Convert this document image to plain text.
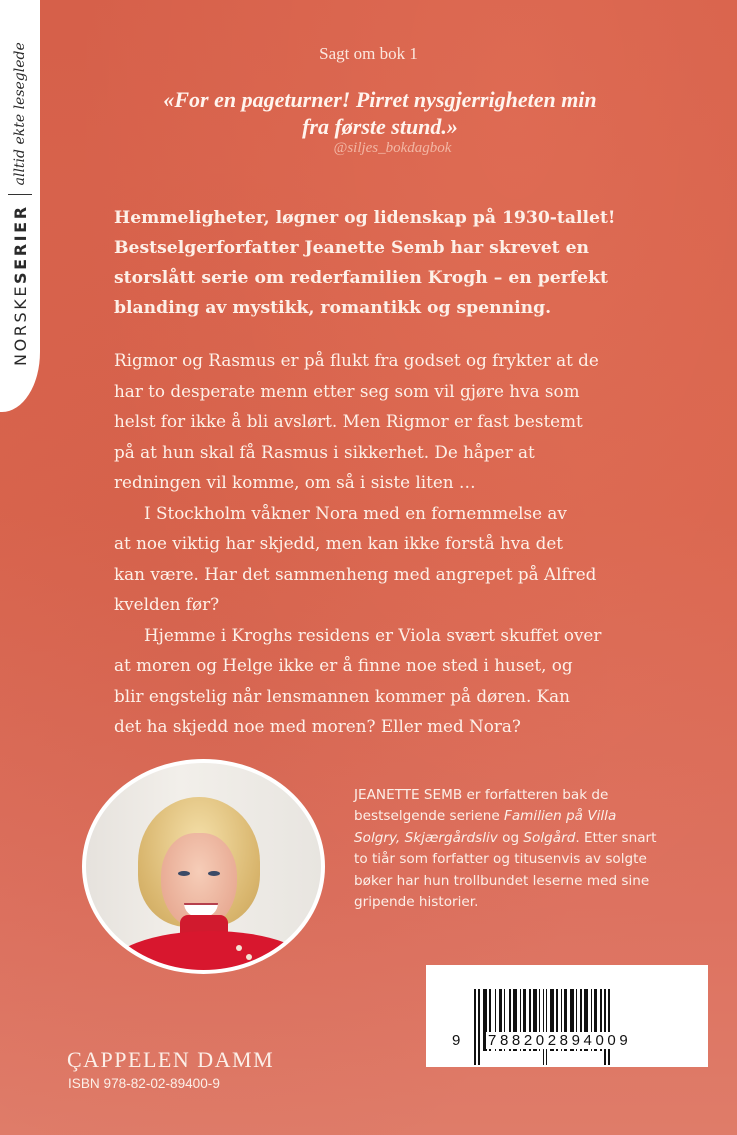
NORSKESERIER
alltid ekte leseglede	Sagt om bok 1
«For en pageturner! Pirret nysgjerrigheten min
fra første stund.»
@siljes_bokdagbok
Hemmeligheter, løgner og lidenskap på 1930-tallet!
Bestselgerforfatter Jeanette Semb har skrevet en
storslått serie om rederfamilien Krogh – en perfekt
blanding av mystikk, romantikk og spenning.
Rigmor og Rasmus er på flukt fra godset og frykter at de
har to desperate menn etter seg som vil gjøre hva som
helst for ikke å bli avslørt. Men Rigmor er fast bestemt
på at hun skal få Rasmus i sikkerhet. De håper at
redningen vil komme, om så i siste liten …
I Stockholm våkner Nora med en fornemmelse av
at noe viktig har skjedd, men kan ikke forstå hva det
kan være. Har det sammenheng med angrepet på Alfred
kvelden før?
Hjemme i Kroghs residens er Viola svært skuffet over
at moren og Helge ikke er å finne noe sted i huset, og
blir engstelig når lensmannen kommer på døren. Kan
det ha skjedd noe med moren? Eller med Nora?
JEANETTE SEMB er forfatteren bak de
bestselgende seriene Familien på Villa
Solgry, Skjærgårdsliv og Solgård. Etter snart
to tiår som forfatter og titusenvis av solgte
bøker har hun trollbundet leserne med sine
gripende historier.
9 788202894009
ÇAPPELEN DAMM
ISBN 978-82-02-89400-9
